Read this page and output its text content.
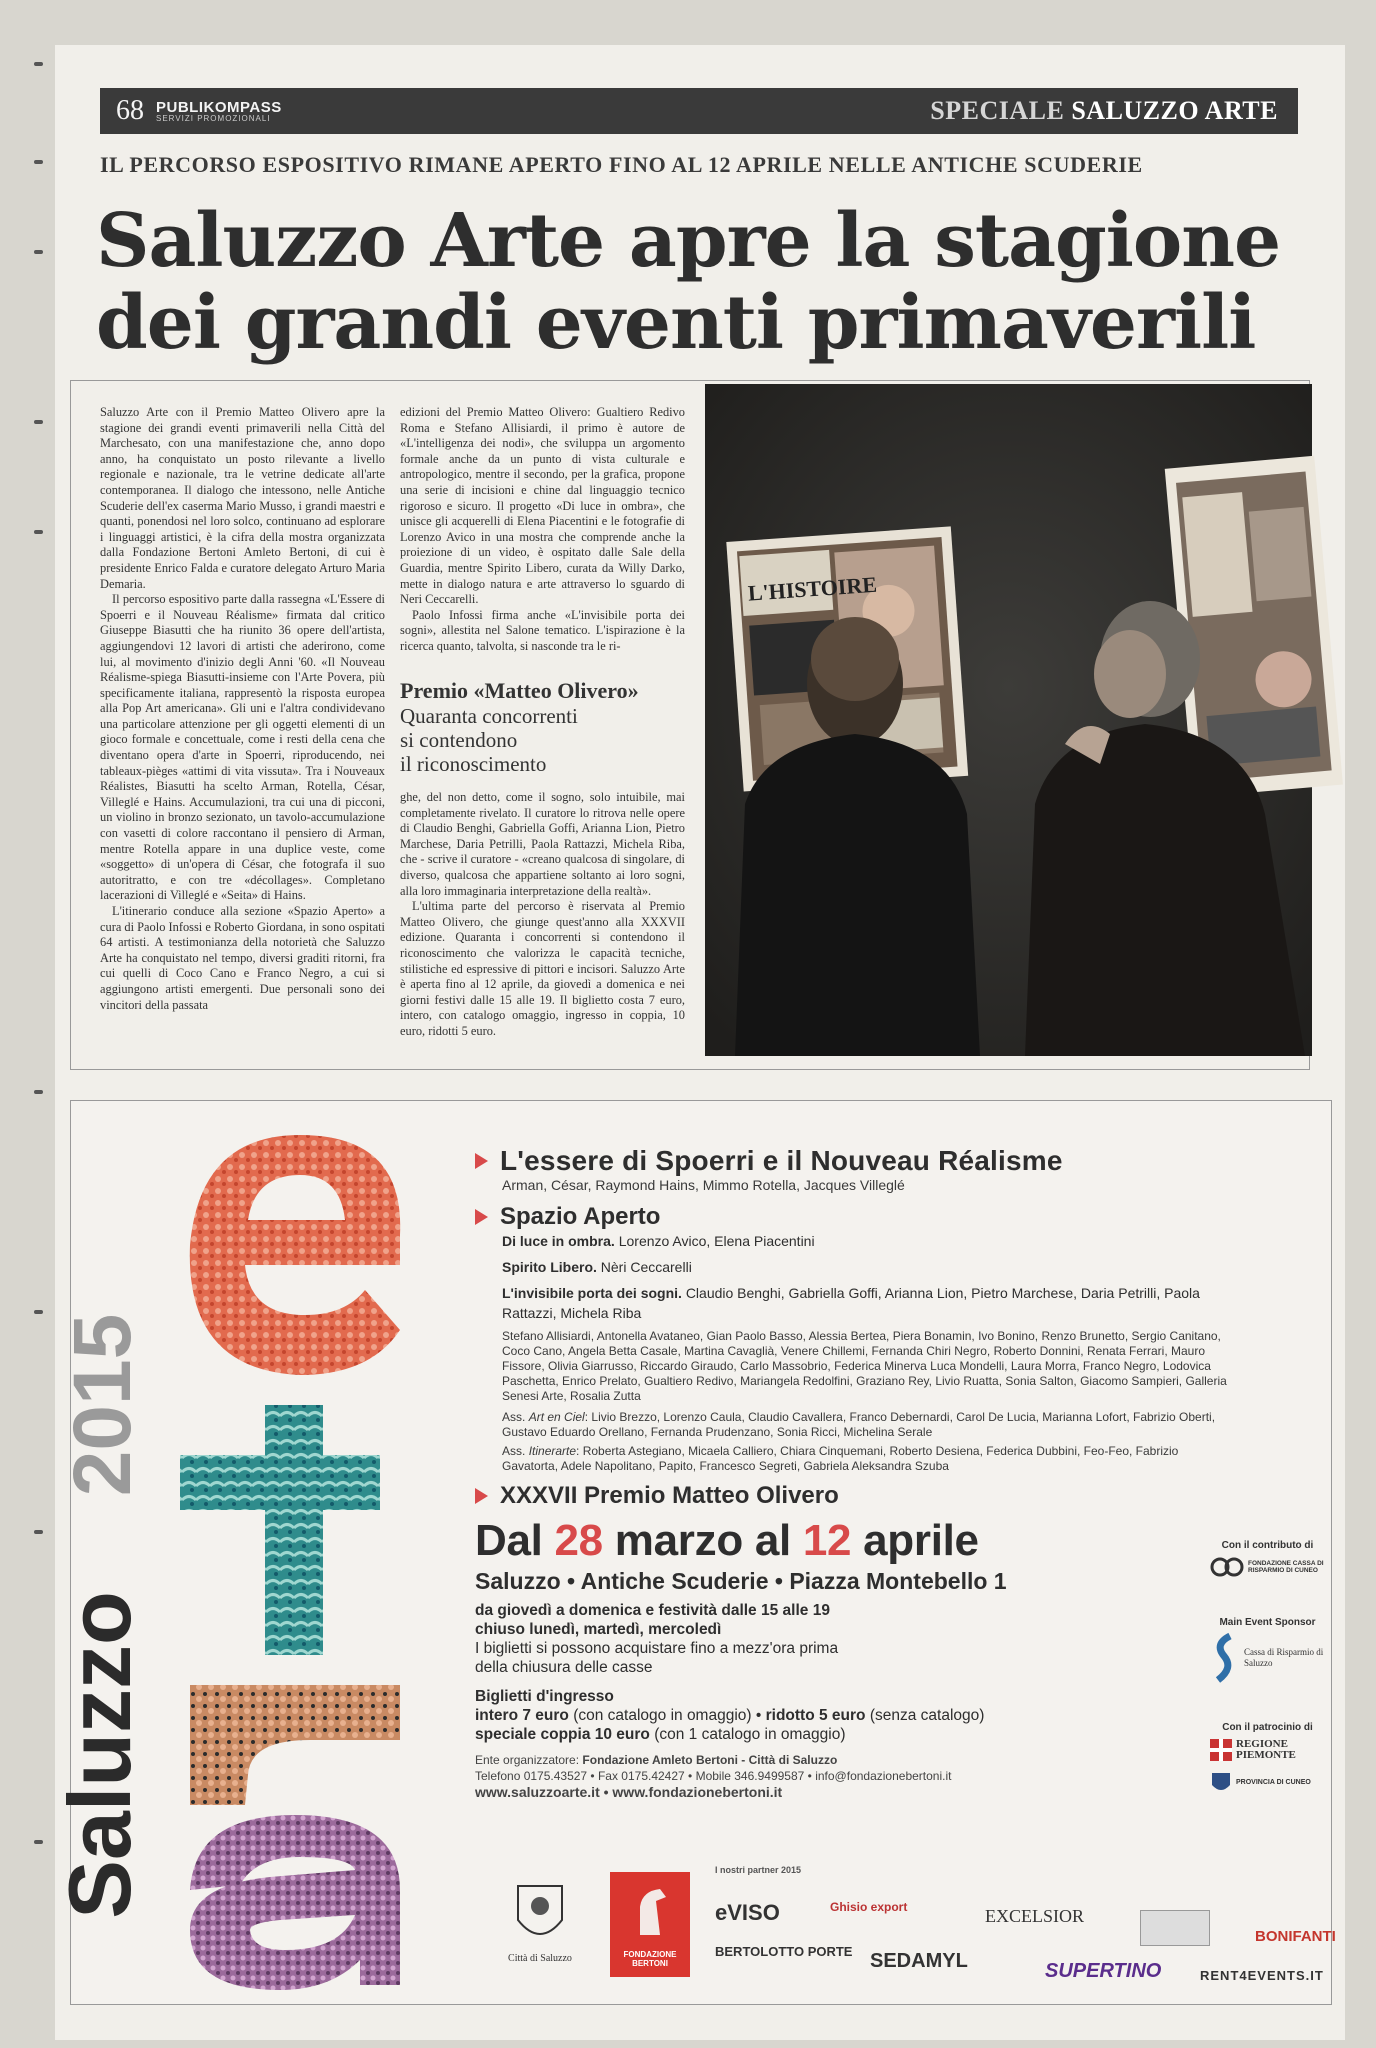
68 PUBLIKOMPASS
SERVIZI PROMOZIONALI	SPECIALE SALUZZO ARTE
IL PERCORSO ESPOSITIVO RIMANE APERTO FINO AL 12 APRILE NELLE ANTICHE SCUDERIE
Saluzzo Arte apre la stagione
dei grandi eventi primaverili

Saluzzo Arte con il Premio Matteo Olivero apre la stagione dei grandi eventi primaverili nella Città del Marchesato, con una manifestazione che, anno dopo anno, ha conquistato un posto rilevante a livello regionale e nazionale, tra le vetrine dedicate all'arte contemporanea. Il dialogo che intessono, nelle Antiche Scuderie dell'ex caserma Mario Musso, i grandi maestri e quanti, ponendosi nel loro solco, continuano ad esplorare i linguaggi artistici, è la cifra della mostra organizzata dalla Fondazione Bertoni Amleto Bertoni, di cui è presidente Enrico Falda e curatore delegato Arturo Maria Demaria.

Il percorso espositivo parte dalla rassegna «L'Essere di Spoerri e il Nouveau Réalisme» firmata dal critico Giuseppe Biasutti che ha riunito 36 opere dell'artista, aggiungendovi 12 lavori di artisti che aderirono, come lui, al movimento d'inizio degli Anni '60. «Il Nouveau Réalisme-spiega Biasutti-insieme con l'Arte Povera, più specificamente italiana, rappresentò la risposta europea alla Pop Art americana». Gli uni e l'altra condividevano una particolare attenzione per gli oggetti elementi di un gioco formale e concettuale, come i resti della cena che diventano opera d'arte in Spoerri, riproducendo, nei tableaux-pièges «attimi di vita vissuta». Tra i Nouveaux Réalistes, Biasutti ha scelto Arman, Rotella, César, Villeglé e Hains. Accumulazioni, tra cui una di picconi, un violino in bronzo sezionato, un tavolo-accumulazione con vasetti di colore raccontano il pensiero di Arman, mentre Rotella appare in una duplice veste, come «soggetto» di un'opera di César, che fotografa il suo autoritratto, e con tre «décollages». Completano lacerazioni di Villeglé e «Seita» di Hains.

L'itinerario conduce alla sezione «Spazio Aperto» a cura di Paolo Infossi e Roberto Giordana, in sono ospitati 64 artisti. A testimonianza della notorietà che Saluzzo Arte ha conquistato nel tempo, diversi graditi ritorni, fra cui quelli di Coco Cano e Franco Negro, a cui si aggiungono artisti emergenti. Due personali sono dei vincitori della passata

edizioni del Premio Matteo Olivero: Gualtiero Redivo Roma e Stefano Allisiardi, il primo è autore de «L'intelligenza dei nodi», che sviluppa un argomento formale anche da un punto di vista culturale e antropologico, mentre il secondo, per la grafica, propone una serie di incisioni e chine dal linguaggio tecnico rigoroso e sicuro. Il progetto «Di luce in ombra», che unisce gli acquerelli di Elena Piacentini e le fotografie di Lorenzo Avico in una mostra che comprende anche la proiezione di un video, è ospitato dalle Sale della Guardia, mentre Spirito Libero, curata da Willy Darko, mette in dialogo natura e arte attraverso lo sguardo di Neri Ceccarelli.

Paolo Infossi firma anche «L'invisibile porta dei sogni», allestita nel Salone tematico. L'ispirazione è la ricerca quanto, talvolta, si nasconde tra le ri-

Premio «Matteo Olivero»
Quaranta concorrenti
si contendono
il riconoscimento

ghe, del non detto, come il sogno, solo intuibile, mai completamente rivelato. Il curatore lo ritrova nelle opere di Claudio Benghi, Gabriella Goffi, Arianna Lion, Pietro Marchese, Daria Petrilli, Paola Rattazzi, Michela Riba, che - scrive il curatore - «creano qualcosa di singolare, di diverso, qualcosa che appartiene soltanto ai loro sogni, alla loro immaginaria interpretazione della realtà».

L'ultima parte del percorso è riservata al Premio Matteo Olivero, che giunge quest'anno alla XXXVII edizione. Quaranta i concorrenti si contendono il riconoscimento che valorizza le capacità tecniche, stilistiche ed espressive di pittori e incisori. Saluzzo Arte è aperta fino al 12 aprile, da giovedì a domenica e nei giorni festivi dalle 15 alle 19. Il biglietto costa 7 euro, intero, con catalogo omaggio, ingresso in coppia, 10 euro, ridotti 5 euro.

L'HISTOIRE
2015
Saluzzo
L'essere di Spoerri e il Nouveau Réalisme
Arman, César, Raymond Hains, Mimmo Rotella, Jacques Villeglé
Spazio Aperto
Di luce in ombra. Lorenzo Avico, Elena Piacentini
Spirito Libero. Nèri Ceccarelli
L'invisibile porta dei sogni. Claudio Benghi, Gabriella Goffi, Arianna Lion, Pietro Marchese, Daria Petrilli, Paola Rattazzi, Michela Riba
Stefano Allisiardi, Antonella Avataneo, Gian Paolo Basso, Alessia Bertea, Piera Bonamin, Ivo Bonino, Renzo Brunetto, Sergio Canitano, Coco Cano, Angela Betta Casale, Martina Cavaglià, Venere Chillemi, Fernanda Chiri Negro, Roberto Donnini, Renata Ferrari, Mauro Fissore, Olivia Giarrusso, Riccardo Giraudo, Carlo Massobrio, Federica Minerva Luca Mondelli, Laura Morra, Franco Negro, Lodovica Paschetta, Enrico Prelato, Gualtiero Redivo, Mariangela Redolfini, Graziano Rey, Livio Ruatta, Sonia Salton, Giacomo Sampieri, Galleria Senesi Arte, Rosalia Zutta
Ass. Art en Ciel: Livio Brezzo, Lorenzo Caula, Claudio Cavallera, Franco Debernardi, Carol De Lucia, Marianna Lofort, Fabrizio Oberti, Gustavo Eduardo Orellano, Fernanda Prudenzano, Sonia Ricci, Michelina Serale
Ass. Itinerarte: Roberta Astegiano, Micaela Calliero, Chiara Cinquemani, Roberto Desiena, Federica Dubbini, Feo-Feo, Fabrizio Gavatorta, Adele Napolitano, Papito, Francesco Segreti, Gabriela Aleksandra Szuba
XXXVII Premio Matteo Olivero
Dal 28 marzo al 12 aprile
Saluzzo • Antiche Scuderie • Piazza Montebello 1
da giovedì a domenica e festività dalle 15 alle 19
chiuso lunedì, martedì, mercoledì
I biglietti si possono acquistare fino a mezz'ora prima
della chiusura delle casse
Biglietti d'ingresso
intero 7 euro (con catalogo in omaggio) • ridotto 5 euro (senza catalogo)
speciale coppia 10 euro (con 1 catalogo in omaggio)
Ente organizzatore: Fondazione Amleto Bertoni - Città di Saluzzo
Telefono 0175.43527 • Fax 0175.42427 • Mobile 346.9499587 • info@fondazionebertoni.it
www.saluzzoarte.it • www.fondazionebertoni.it
Con il contributo di
FONDAZIONE CASSA DI RISPARMIO DI CUNEO
Main Event Sponsor
Cassa di Risparmio di Saluzzo
Con il patrocinio di
REGIONE PIEMONTE
PROVINCIA DI CUNEO
I nostri partner 2015
Città di Saluzzo	FONDAZIONE BERTONI
eVISO	Ghisio export	EXCELSIOR
BONIFANTI
BERTOLOTTO PORTE SEDAMYL	SUPERTINO	RENT4EVENTS.IT
